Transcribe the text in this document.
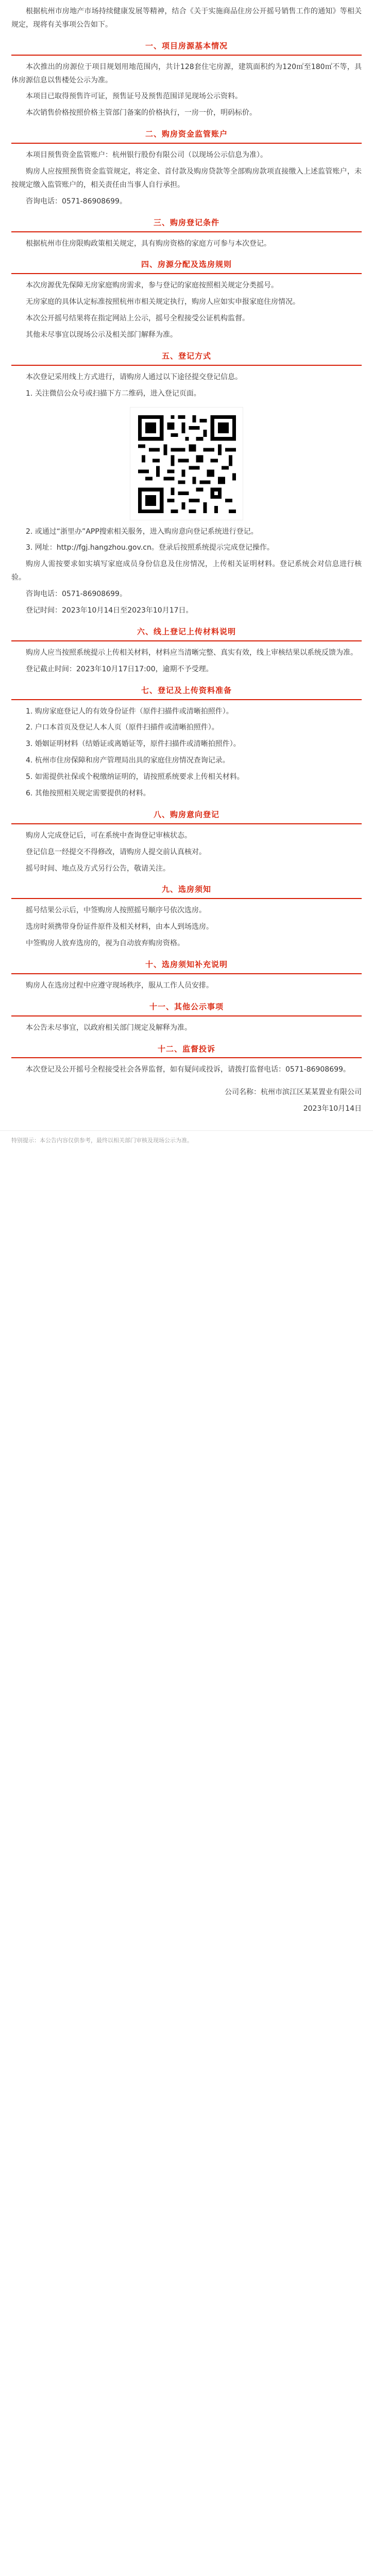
根据杭州市房地产市场持续健康发展等精神，结合《关于实施商品住房公开摇号销售工作的通知》等相关规定，现将有关事项公告如下。

一、项目房源基本情况

本次推出的房源位于项目规划用地范围内，共计128套住宅房源，建筑面积约为120㎡至180㎡不等，具体房源信息以售楼处公示为准。

本项目已取得预售许可证，预售证号及预售范围详见现场公示资料。

本次销售价格按照价格主管部门备案的价格执行，一房一价，明码标价。

二、购房资金监管账户

本项目预售资金监管账户：杭州银行股份有限公司（以现场公示信息为准）。

购房人应按照预售资金监管规定，将定金、首付款及购房贷款等全部购房款项直接缴入上述监管账户，未按规定缴入监管账户的，相关责任由当事人自行承担。

咨询电话：0571-86908699。

三、购房登记条件

根据杭州市住房限购政策相关规定，具有购房资格的家庭方可参与本次登记。

四、房源分配及选房规则

本次房源优先保障无房家庭购房需求，参与登记的家庭按照相关规定分类摇号。

无房家庭的具体认定标准按照杭州市相关规定执行，购房人应如实申报家庭住房情况。

本次公开摇号结果将在指定网站上公示，摇号全程接受公证机构监督。

其他未尽事宜以现场公示及相关部门解释为准。

五、登记方式

本次登记采用线上方式进行，请购房人通过以下途径提交登记信息。

1. 关注微信公众号或扫描下方二维码，进入登记页面。

2. 或通过“浙里办”APP搜索相关服务，进入购房意向登记系统进行登记。

3. 网址：http://fgj.hangzhou.gov.cn。登录后按照系统提示完成登记操作。

购房人需按要求如实填写家庭成员身份信息及住房情况，上传相关证明材料。登记系统会对信息进行核验。

咨询电话：0571-86908699。

登记时间：2023年10月14日至2023年10月17日。

六、线上登记上传材料说明

购房人应当按照系统提示上传相关材料，材料应当清晰完整、真实有效，线上审核结果以系统反馈为准。

登记截止时间：2023年10月17日17:00，逾期不予受理。

七、登记及上传资料准备

1. 购房家庭登记人的有效身份证件（原件扫描件或清晰拍照件）。

2. 户口本首页及登记人本人页（原件扫描件或清晰拍照件）。

3. 婚姻证明材料（结婚证或离婚证等，原件扫描件或清晰拍照件）。

4. 杭州市住房保障和房产管理局出具的家庭住房情况查询记录。

5. 如需提供社保或个税缴纳证明的，请按照系统要求上传相关材料。

6. 其他按照相关规定需要提供的材料。

八、购房意向登记

购房人完成登记后，可在系统中查询登记审核状态。

登记信息一经提交不得修改，请购房人提交前认真核对。

摇号时间、地点及方式另行公告，敬请关注。

九、选房须知

摇号结果公示后，中签购房人按照摇号顺序号依次选房。

选房时须携带身份证件原件及相关材料，由本人到场选房。

中签购房人放弃选房的，视为自动放弃购房资格。

十、选房须知补充说明

购房人在选房过程中应遵守现场秩序，服从工作人员安排。

十一、其他公示事项

本公告未尽事宜，以政府相关部门规定及解释为准。

十二、监督投诉

本次登记及公开摇号全程接受社会各界监督，如有疑问或投诉，请拨打监督电话：0571-86908699。

公司名称：杭州市滨江区某某置业有限公司

2023年10月14日

特别提示：本公告内容仅供参考，最终以相关部门审核及现场公示为准。
